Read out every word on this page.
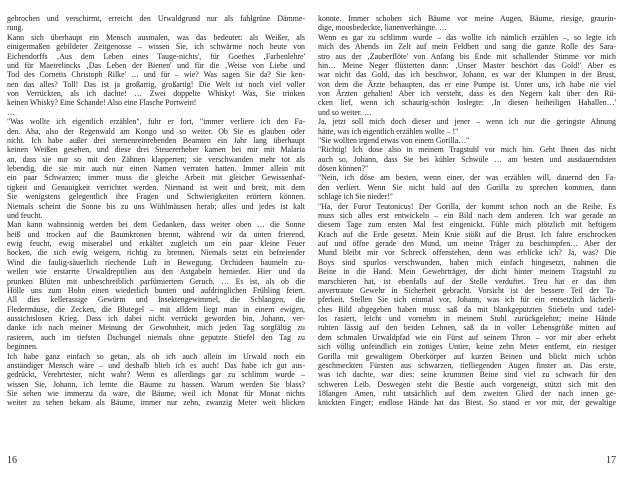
gebrochen und verschirmt, erreicht den Urwaldgrund nur als fahlgrüne Dämme-
rung.
Kann sich überhaupt ein Mensch ausmalen, was das bedeutet: als Weißer, als
einigermaßen gebildeter Zeitgenosse – wissen Sie, ich schwärme noch heute von
Eichendorffs ‚Aus dem Leben eines Tauge-nichts', für Goethes ‚Farbenlehre'
und für Maeterlincks ‚Das Leben der Bienen' und für die ‚Weise von Liebe und
Tod des Cornetts Christoph Rilke' … und für – wie? Was sagen Sie da? Sie ken-
nen das alles? Toll! Das ist ja großartig, großartig! Die Welt ist noch viel voller
von Verrückten, als ich dachte! … Zwei doppelte Whisky! Was, Sie trinken
keinen Whisky? Eine Schande! Also eine Flasche Portwein!
…
"Was wollte ich eigentlich erzählen", fuhr er fort, "immer verliere ich den Fa-
den. Aha, also der Regenwald am Kongo und so weiter. Ob Sie es glauben oder
nicht. Ich habe außer drei sternenreinrebenden Beamten ein Jahr lang überhaupt
keinen Weißen gesehen, und diese drei Steuererheber kamen bei mir mit Malaria
an, dass sie nur so mit den Zähnen klapperten; sie verschwanden mehr tot als
lebendig, die sie mir auch nur einen Namen verraten hatten. Immer allein mit
ein paar Schwarzen; immer muss die gleiche Arbeit mit gleicher Gewissenhaf-
tigkeit und Genauigkeit verrichtet werden. Niemand ist weit und breit, mit dem
Sie wenigstens gelegentlich ihre Fragen und Schwierigkeiten erörtern können.
Niemals scheint die Sonne bis zu uns Wühlmäusen herab; alles und jedes ist kalt
und feucht.
Man kann wahnsinnig werden bei dem Gedanken, dass weiter oben … die Sonne
heiß und trocken auf die Baumkronen brennt, während wir da unten frierend,
ewig feucht, ewig miserabel und erkältet zugleich um ein paar kleine Feuer
hocken, die sich ewig weigern, richtig zu brennen. Niemals setzt ein befreiender
Wind die faulig-säuerlich riechende Luft in Bewegung. Orchideen baumeln zu-
weilen wie erstarrte Urwaldreptilien aus den Astgabeln hernieder. Hier und da
prunken Blüten mit unbeschreiblich parfümiertem Geruch. … Es ist, als ob die
Hölle uns zum Hohn einen wiederlich bunten und aufdringlichen Frühling feiert.
All dies kellerassige Gewürm und Insektengewimmel, die Schlangen, die
Fledermäuse, die Zecken, die Blutegel – mit alldem liegt man in einem ewigen,
aussichtslosen Krieg. Dass ich dabei nicht verrückt geworden bin, Johann, ver-
danke ich nach meiner Meinung der Gewohnheit, mich jeden Tag sorgfältig zu
rasieren, auch im tiefsten Dschungel niemals ohne geputzte Stiefel den Tag zu
beginnen.
Ich habe ganz einfach so getan, als ob ich auch allein im Urwald noch ein
anständiger Mensch wäre – und deshalb blieb ich es auch! Das habe ich gut aus-
gedrückt, Verehrtester, nicht wahr? Wenn es allerdings gar zu schlimm wurde –
wissen Sie, Johann, ich lernte die Bäume zu hassen. Warum werden Sie blass?
Sie sehen wie immerzu da ware, die Bäume, weil ich Monat für Monat nichts
weiter zu sehen bekam als Bäume, immer nur zehn, zwanzig Meter weit blicken
16
konnte. Immer schoben sich Bäume vor meine Augen, Bäume, riesige, graurin-
dige, moosbedeckte, lianenverhängte. …
Wenn es gar zu schlimm wurde – das wollte ich nämlich erzählen –, so legte ich
mich des Abends im Zelt auf mein Feldbett und sang die ganze Rolle des Sara-
stro aus der ‚Zauberflöte' von Anfang bis Ende mit schallender Stimme vor mich
hin… Meine Neger flüsterten dann: ‚Unser Master beschört das Gold!' Aber es
war nicht das Gold, das ich beschwor, Johann, es war der Klumpen in der Brust,
von dem die Ärzte behaupten, das er eine Pumpe ist. Unter uns, ich habe nie viel
von Ärzten gehalten! Aber ich versteht, dass es den Negern kalt über den Rü-
cken lief, wenn ich schaurig-schön loslegte: ‚In diesen heiheiligen Hahallen…'
und so weiter. …
Ja, jetzt soll mich doch dieser und jener – wenn ich nur die geringste Ahnung
hätte, was ich eigentlich erzählen wollte – !"
"Sie wollten irgend etwas von einem Gorilla…"
"Richtig! Ich dose also in meinem Tragstuhl vor mich hin. Geht Ihnen das nicht
auch so, Johann, dass Sie bei kühler Schwüle … am besten und ausdauerndsten
dösen können?"
"Nein, ich döse am besten, wenn einer, der was erzählen will, dauernd den Fa-
den verliert. Wenn Sie nicht bald auf den Gorilla zu sprechen kommen, dann
schlage ich Sie nieder!"
"Ha, der Furor Teutonicus! Der Gorilla, der kommt schon noch an die Reihe. Es
muss sich alles erst entwickeln – ein Bild nach dem anderen. Ich war gerade an
diesem Tage zum ersten Mal fest eingenickt. Fühle mich plötzlich mit heftigem
Krach auf die Erde gesetzt. Mein Knie stößt auf die Brust. Ich fahre erschrocken
auf und öffne gerade den Mund, um meine Träger zu beschimpfen… Aber der
Mund bleibt mir vor Schreck offenstehen, denn was erblicke ich? Ja, was? Die
Boys sind spurlos verschwunden, haben mich einfach hingesetzt, nahmen die
Beine in die Hand. Mein Gewehrträger, der dicht hinter meinem Tragstuhl zu
marschieren hat, ist ebenfalls auf der Stelle verduftet. Treu hat er das ihm
anvertraute Gewehr in Sicherheit gebracht. Vorsicht ist der bessere Teil der Ta-
pferkeit. Stellen Sie sich einmal vor, Johann, was ich für ein entsetzlich lächerli-
ches Bild abgegeben haben muss: saß da mit blankgeputzten Stiebeln und tadel-
los rasiert, leicht und vornehm in meinem Stuhl zurückgelehnt; meine Hände
ruhten lässig auf den beiden Lehnen, saß da in voller Lebensgröße mitten auf
dem schmalen Urwaldpfad wie ein Fürst auf seinem Thron – vor mir aber erhebt
sich völlig unfeindlich ein zottiges Untier, keine zehn Meter entfernt, ein riesiger
Gorilla mit gewaltigem Oberkörper auf kurzen Beinen und blickt mich schön
geschmeckten Fürsten aus schwarzen, tiefliegenden Augen finster an. Das erste,
was ich dachte, war dies: seine krummen Beine sind viel zu schwach für den
schweren Leib. Deswegen stebt die Bestie auch vorgeneigt, stützt sich mit den
18langen Amen, ruht tatsächlich auf dem zweiten Glied der nach innen ge-
knickten Finger; endlose Hände hat das Biest. So stand er vor mir, der gewaltige
17
